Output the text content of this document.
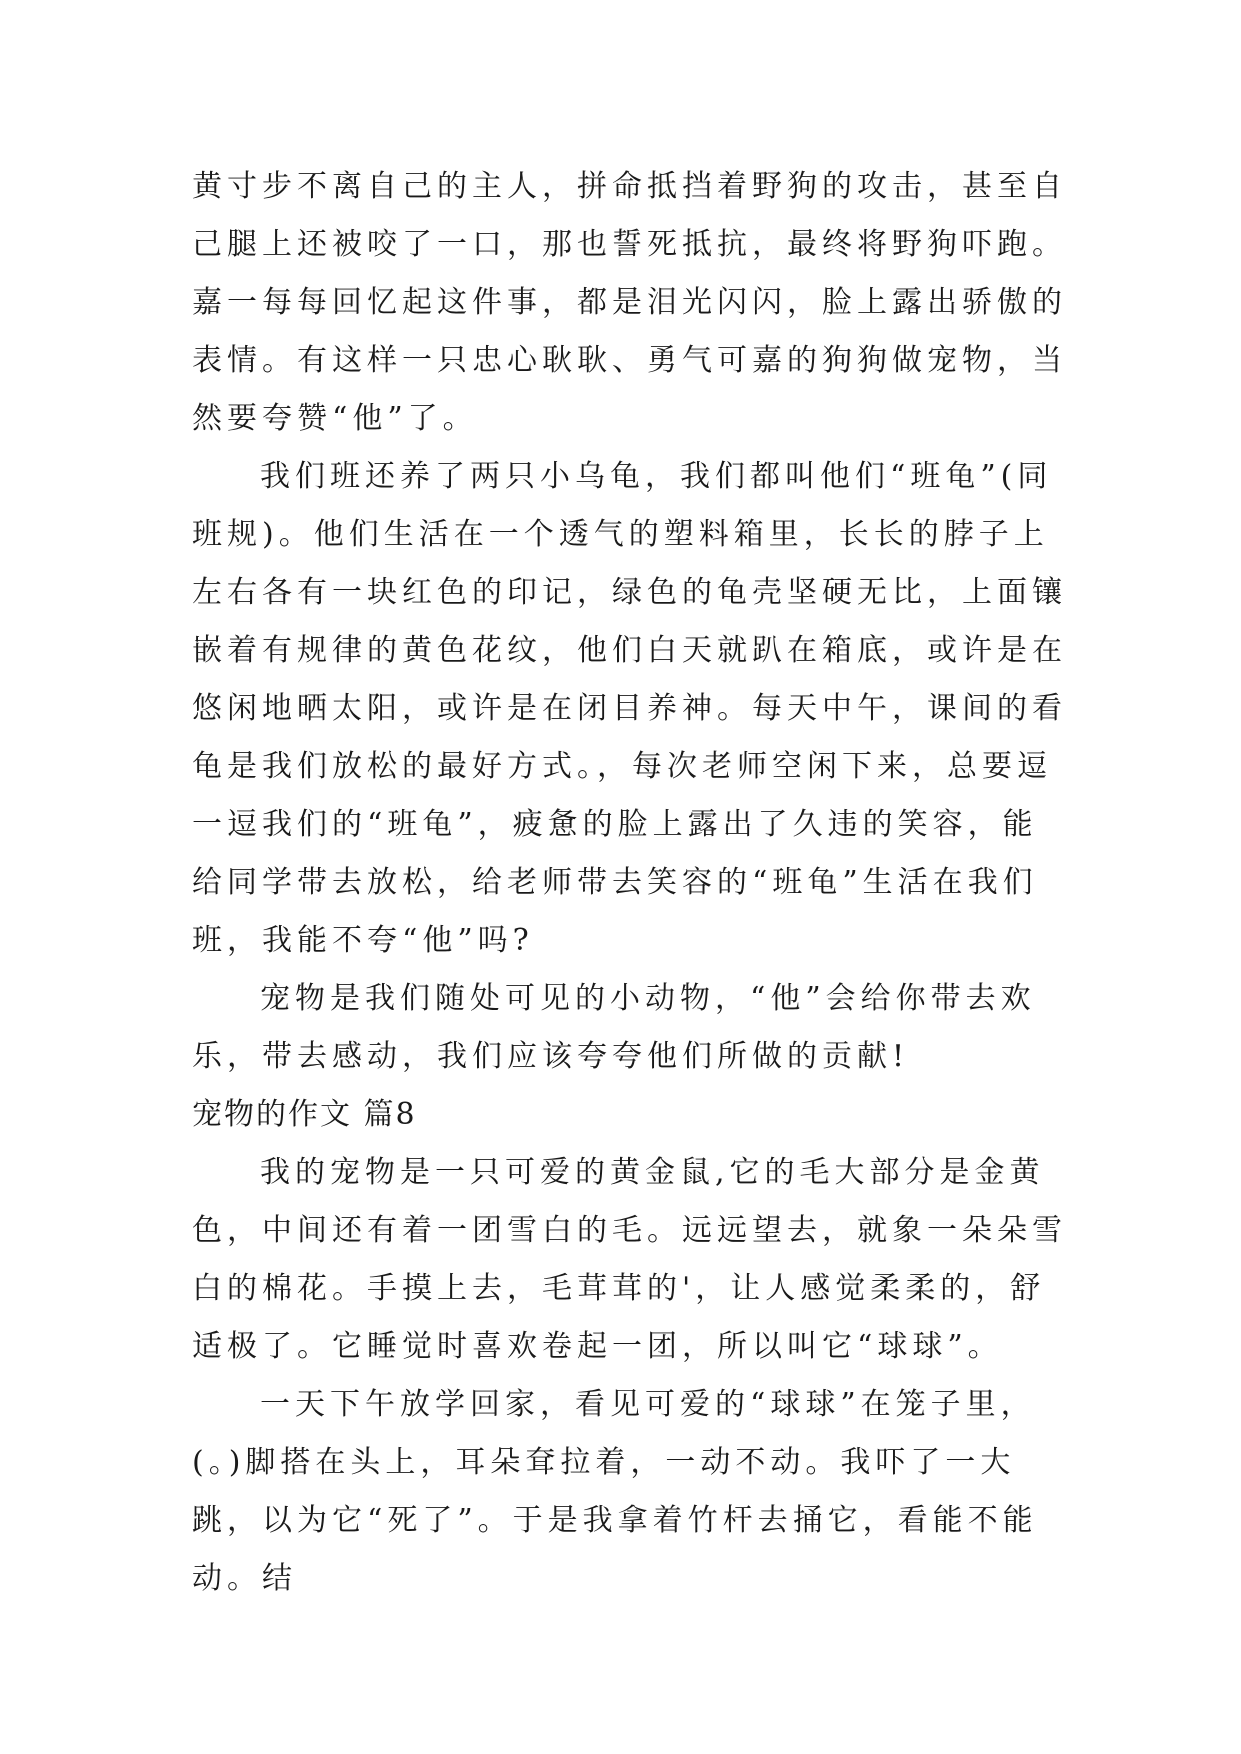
黄寸步不离自己的主人，拼命抵挡着野狗的攻击，甚至自己腿上还被咬了一口，那也誓死抵抗，最终将野狗吓跑。嘉一每每回忆起这件事，都是泪光闪闪，脸上露出骄傲的表情。有这样一只忠心耿耿、勇气可嘉的狗狗做宠物，当然要夸赞“他”了。

我们班还养了两只小乌龟，我们都叫他们“班龟”(同班规)。他们生活在一个透气的塑料箱里，长长的脖子上左右各有一块红色的印记，绿色的龟壳坚硬无比，上面镶嵌着有规律的黄色花纹，他们白天就趴在箱底，或许是在悠闲地晒太阳，或许是在闭目养神。每天中午，课间的看龟是我们放松的最好方式。，每次老师空闲下来，总要逗一逗我们的“班龟”，疲惫的脸上露出了久违的笑容，能给同学带去放松，给老师带去笑容的“班龟”生活在我们班，我能不夸“他”吗?

宠物是我们随处可见的小动物，“他”会给你带去欢乐，带去感动，我们应该夸夸他们所做的贡献!

宠物的作文 篇8

我的宠物是一只可爱的黄金鼠,它的毛大部分是金黄色，中间还有着一团雪白的毛。远远望去，就象一朵朵雪白的棉花。手摸上去，毛茸茸的'，让人感觉柔柔的，舒适极了。它睡觉时喜欢卷起一团，所以叫它“球球”。

一天下午放学回家，看见可爱的“球球”在笼子里，(。)脚搭在头上，耳朵耷拉着，一动不动。我吓了一大跳，以为它“死了”。于是我拿着竹杆去捅它，看能不能动。结
